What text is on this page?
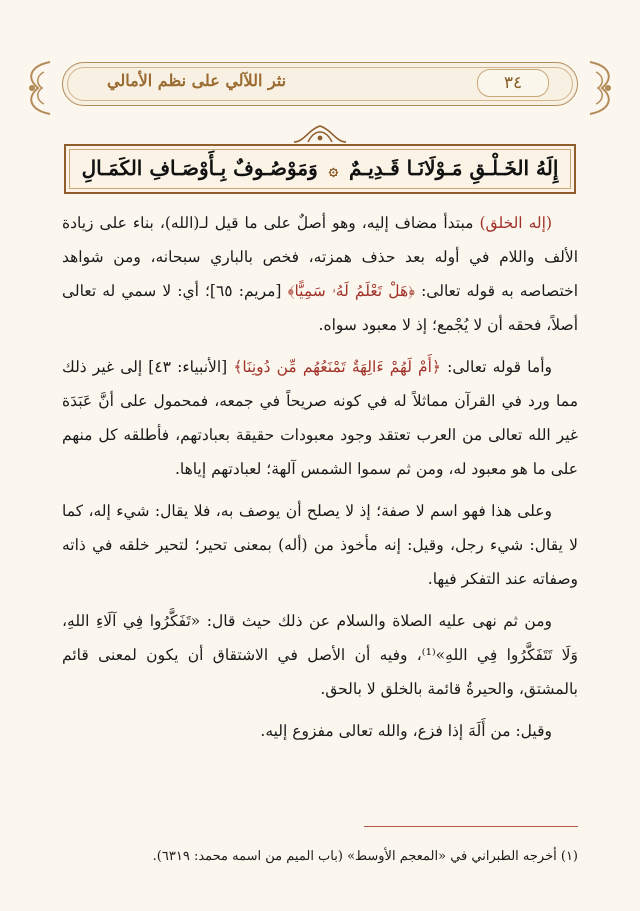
نثر اللآلي على نظم الأمالي	٣٤
إِلَهُ الخَـلْـقِ مَـوْلَانَـا قَـدِيـمٌ ۞ وَمَوْصُـوفٌ بِـأَوْصَـافِ الكَمَـالِ

(إله الخلق) مبتدأ مضاف إليه، وهو أصلٌ على ما قيل لـ(الله)، بناء على زيادة الألف واللام في أوله بعد حذف همزته، فخص بالباري سبحانه، ومن شواهد اختصاصه به قوله تعالى: ﴿هَلْ تَعْلَمُ لَهُۥ سَمِيًّا﴾ [مريم: ٦٥]؛ أي: لا سمي له تعالى أصلاً، فحقه أن لا يُجْمع؛ إذ لا معبود سواه.

وأما قوله تعالى: ﴿أَمْ لَهُمْ ءَالِهَةٌ تَمْنَعُهُم مِّن دُونِنَا﴾ [الأنبياء: ٤٣] إلى غير ذلك مما ورد في القرآن مماثلاً له في كونه صريحاً في جمعه، فمحمول على أنَّ عَبَدَة غير الله تعالى من العرب تعتقد وجود معبودات حقيقة بعبادتهم، فأطلقه كل منهم على ما هو معبود له، ومن ثم سموا الشمس آلهة؛ لعبادتهم إياها.

وعلى هذا فهو اسم لا صفة؛ إذ لا يصلح أن يوصف به، فلا يقال: شيء إله، كما لا يقال: شيء رجل، وقيل: إنه مأخوذ من (أله) بمعنى تحير؛ لتحير خلقه في ذاته وصفاته عند التفكر فيها.

ومن ثم نهى عليه الصلاة والسلام عن ذلك حيث قال: «تَفَكَّرُوا فِي آلَاءِ اللهِ، وَلَا تَتَفَكَّرُوا فِي اللهِ»⁽¹⁾، وفيه أن الأصل في الاشتقاق أن يكون لمعنى قائم بالمشتق، والحيرةُ قائمة بالخلق لا بالحق.

وقيل: من أَلَهَ إذا فزع، والله تعالى مفزوع إليه.

(١) أخرجه الطبراني في «المعجم الأوسط» (باب الميم من اسمه محمد: ٦٣١٩).
